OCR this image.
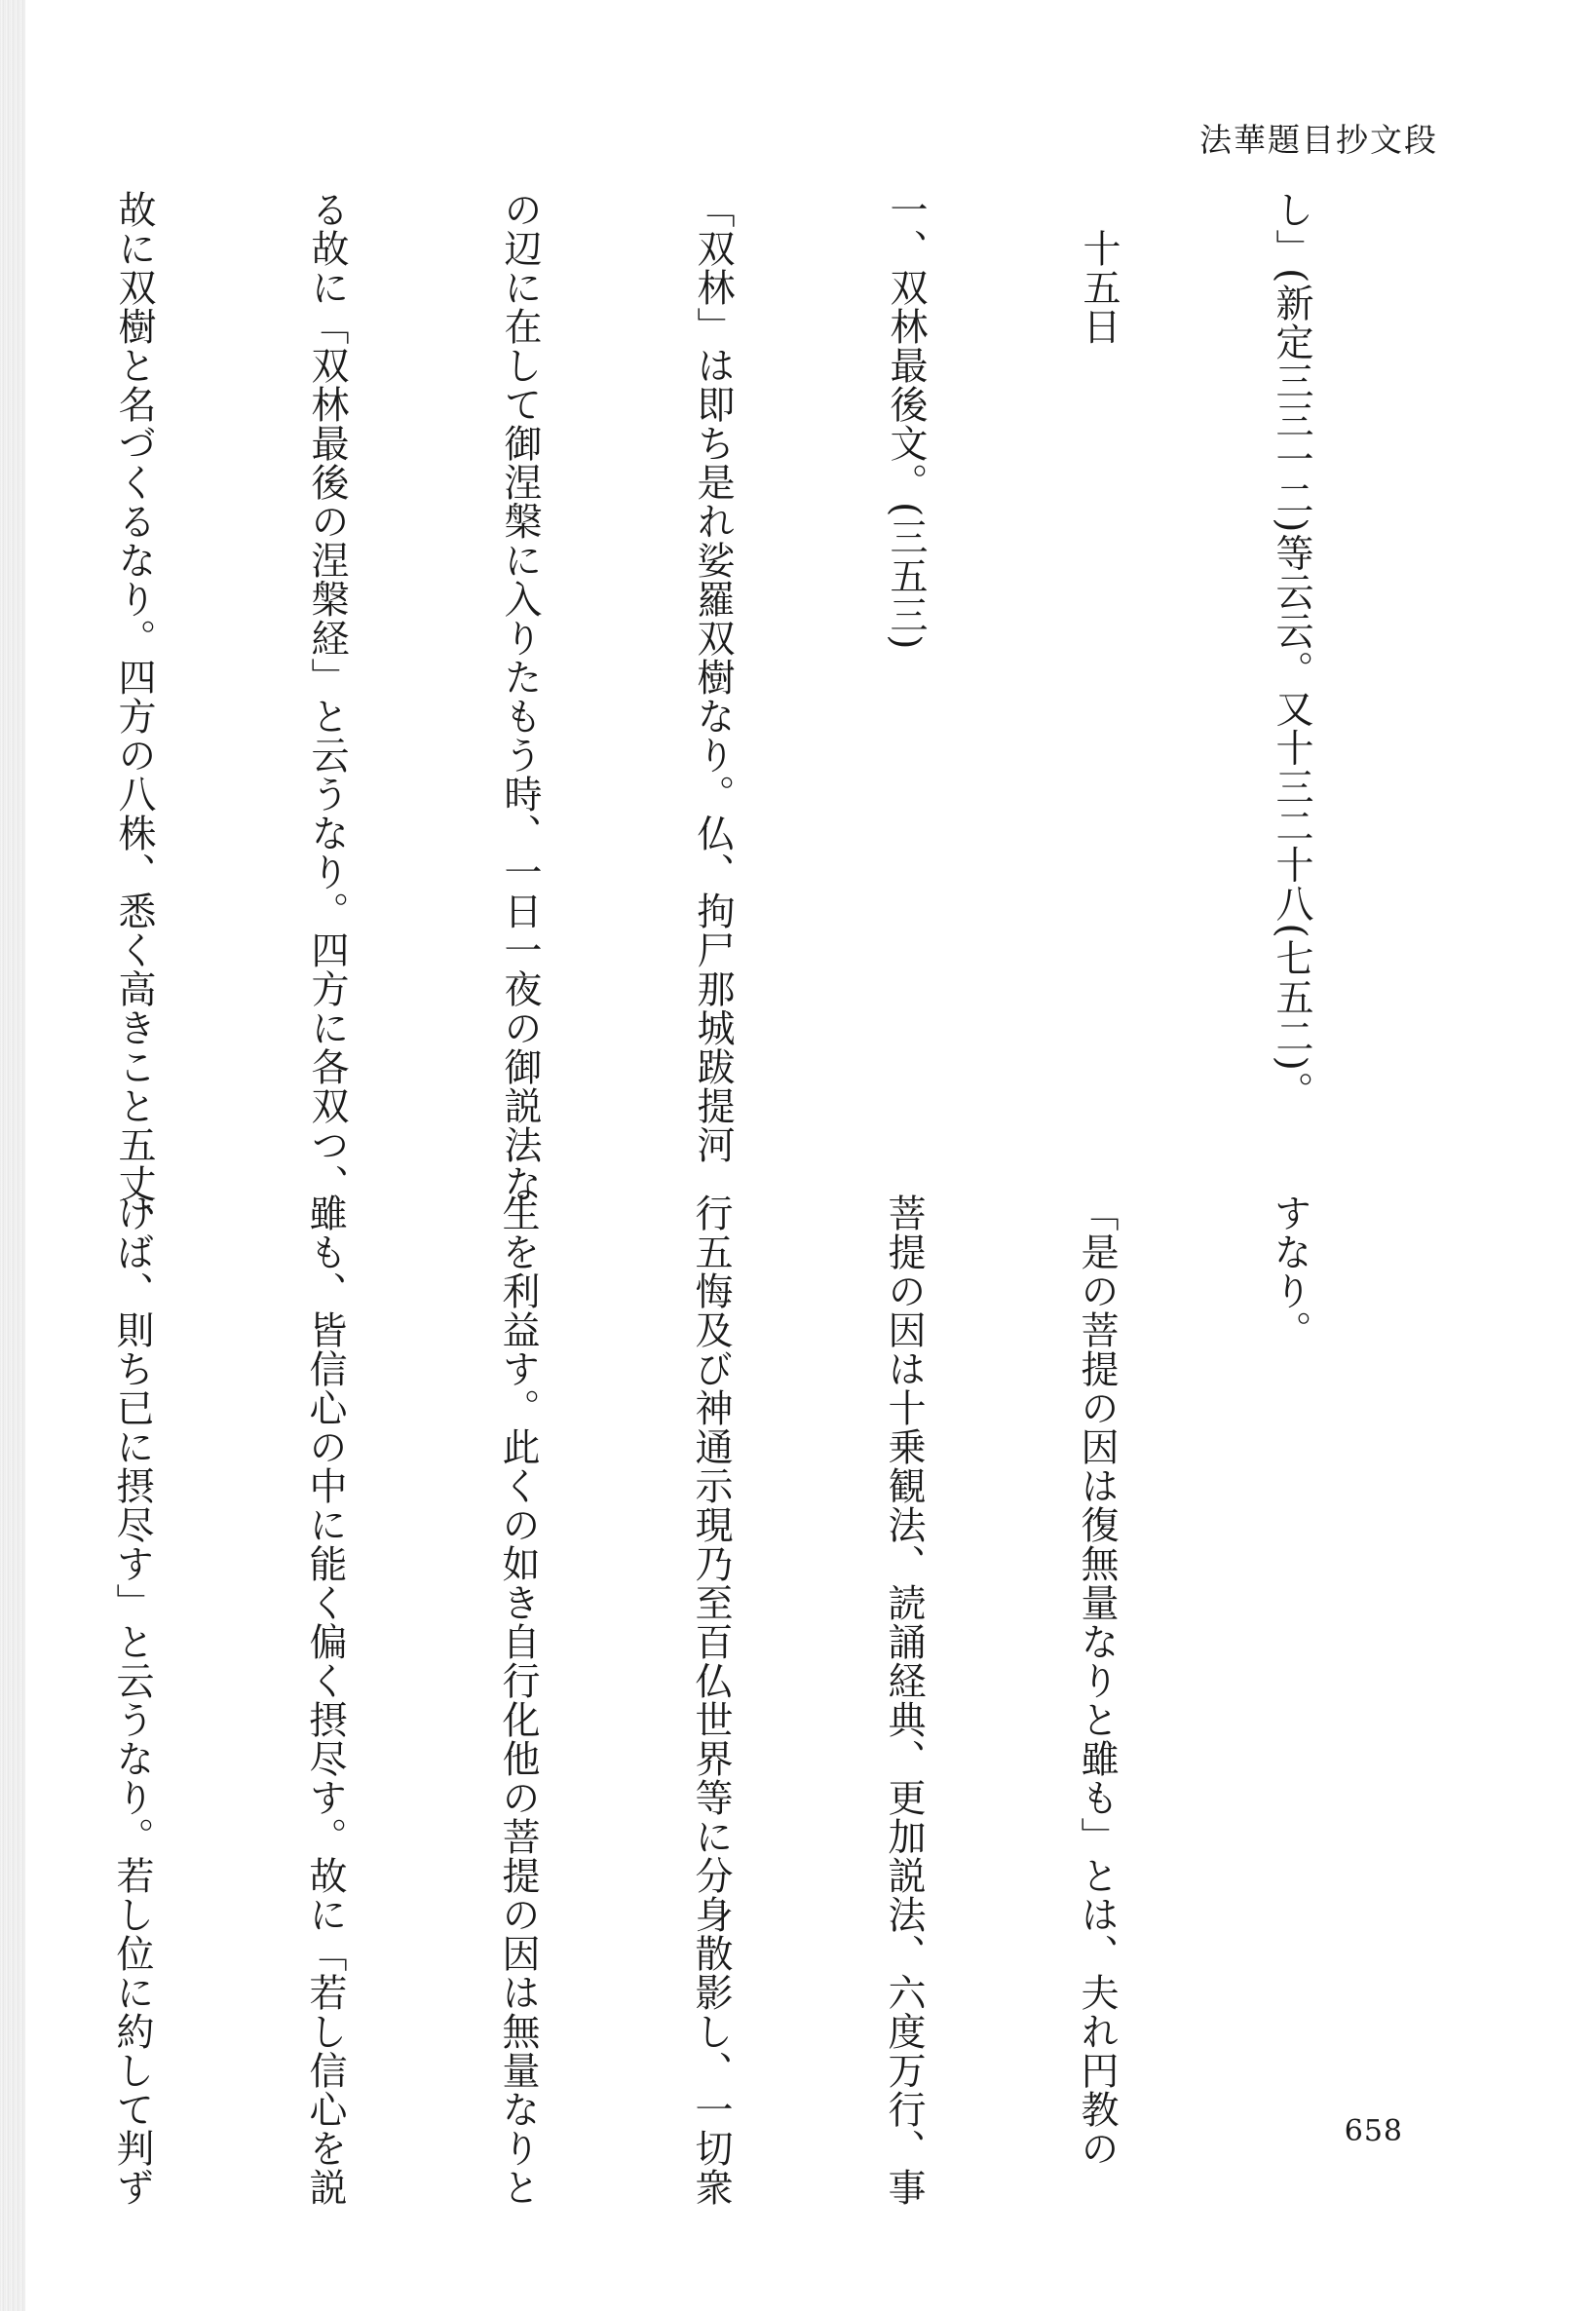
法華題目抄文段

し」(新定三三一二)等云云。又十三二十八(七五二)。

　十五日

一、双林最後文。(三五三)

「双林」は即ち是れ娑羅双樹なり。仏、拘尸那城跋提河

の辺に在して御涅槃に入りたもう時、一日一夜の御説法な

る故に「双林最後の涅槃経」と云うなり。四方に各双つ、

故に双樹と名づくるなり。四方の八株、悉く高きこと五丈、

すなり。

「是の菩提の因は復無量なりと雖も」とは、夫れ円教の

菩提の因は十乗観法、読誦経典、更加説法、六度万行、事

行五悔及び神通示現乃至百仏世界等に分身散影し、一切衆

生を利益す。此くの如き自行化他の菩提の因は無量なりと

雖も、皆信心の中に能く偏く摂尽す。故に「若し信心を説

けば、則ち已に摂尽す」と云うなり。若し位に約して判ず

	658
